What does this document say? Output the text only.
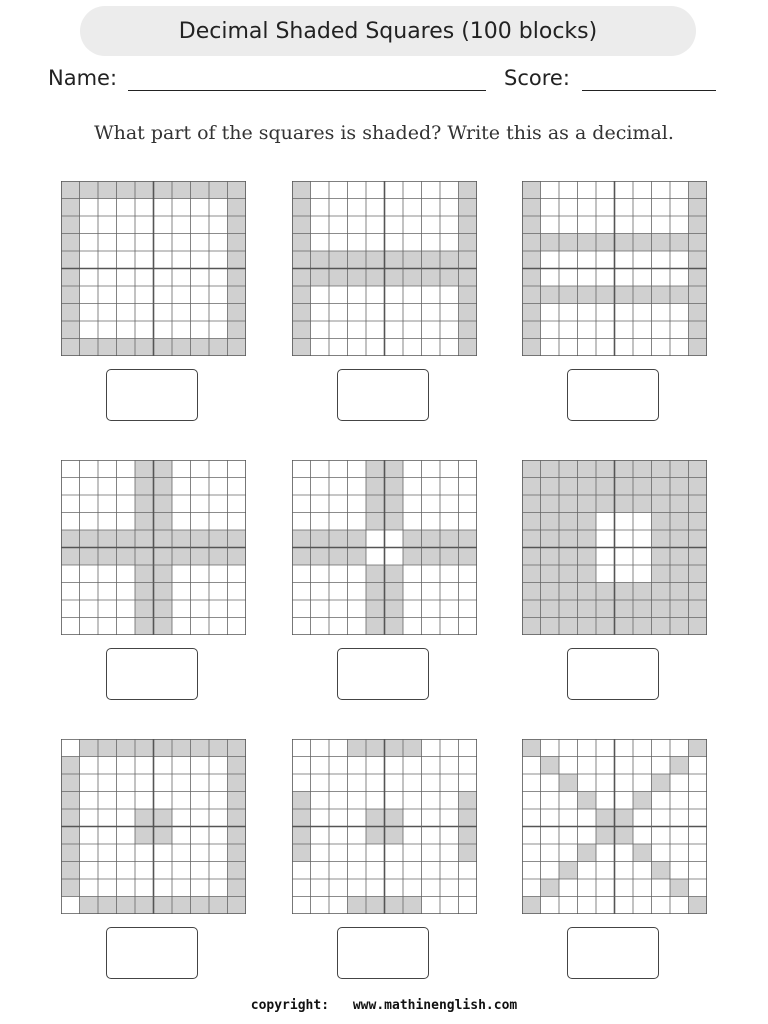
Decimal Shaded Squares (100 blocks)
Name:	Score:
What part of the squares is shaded? Write this as a decimal.
copyright: www.mathinenglish.com
